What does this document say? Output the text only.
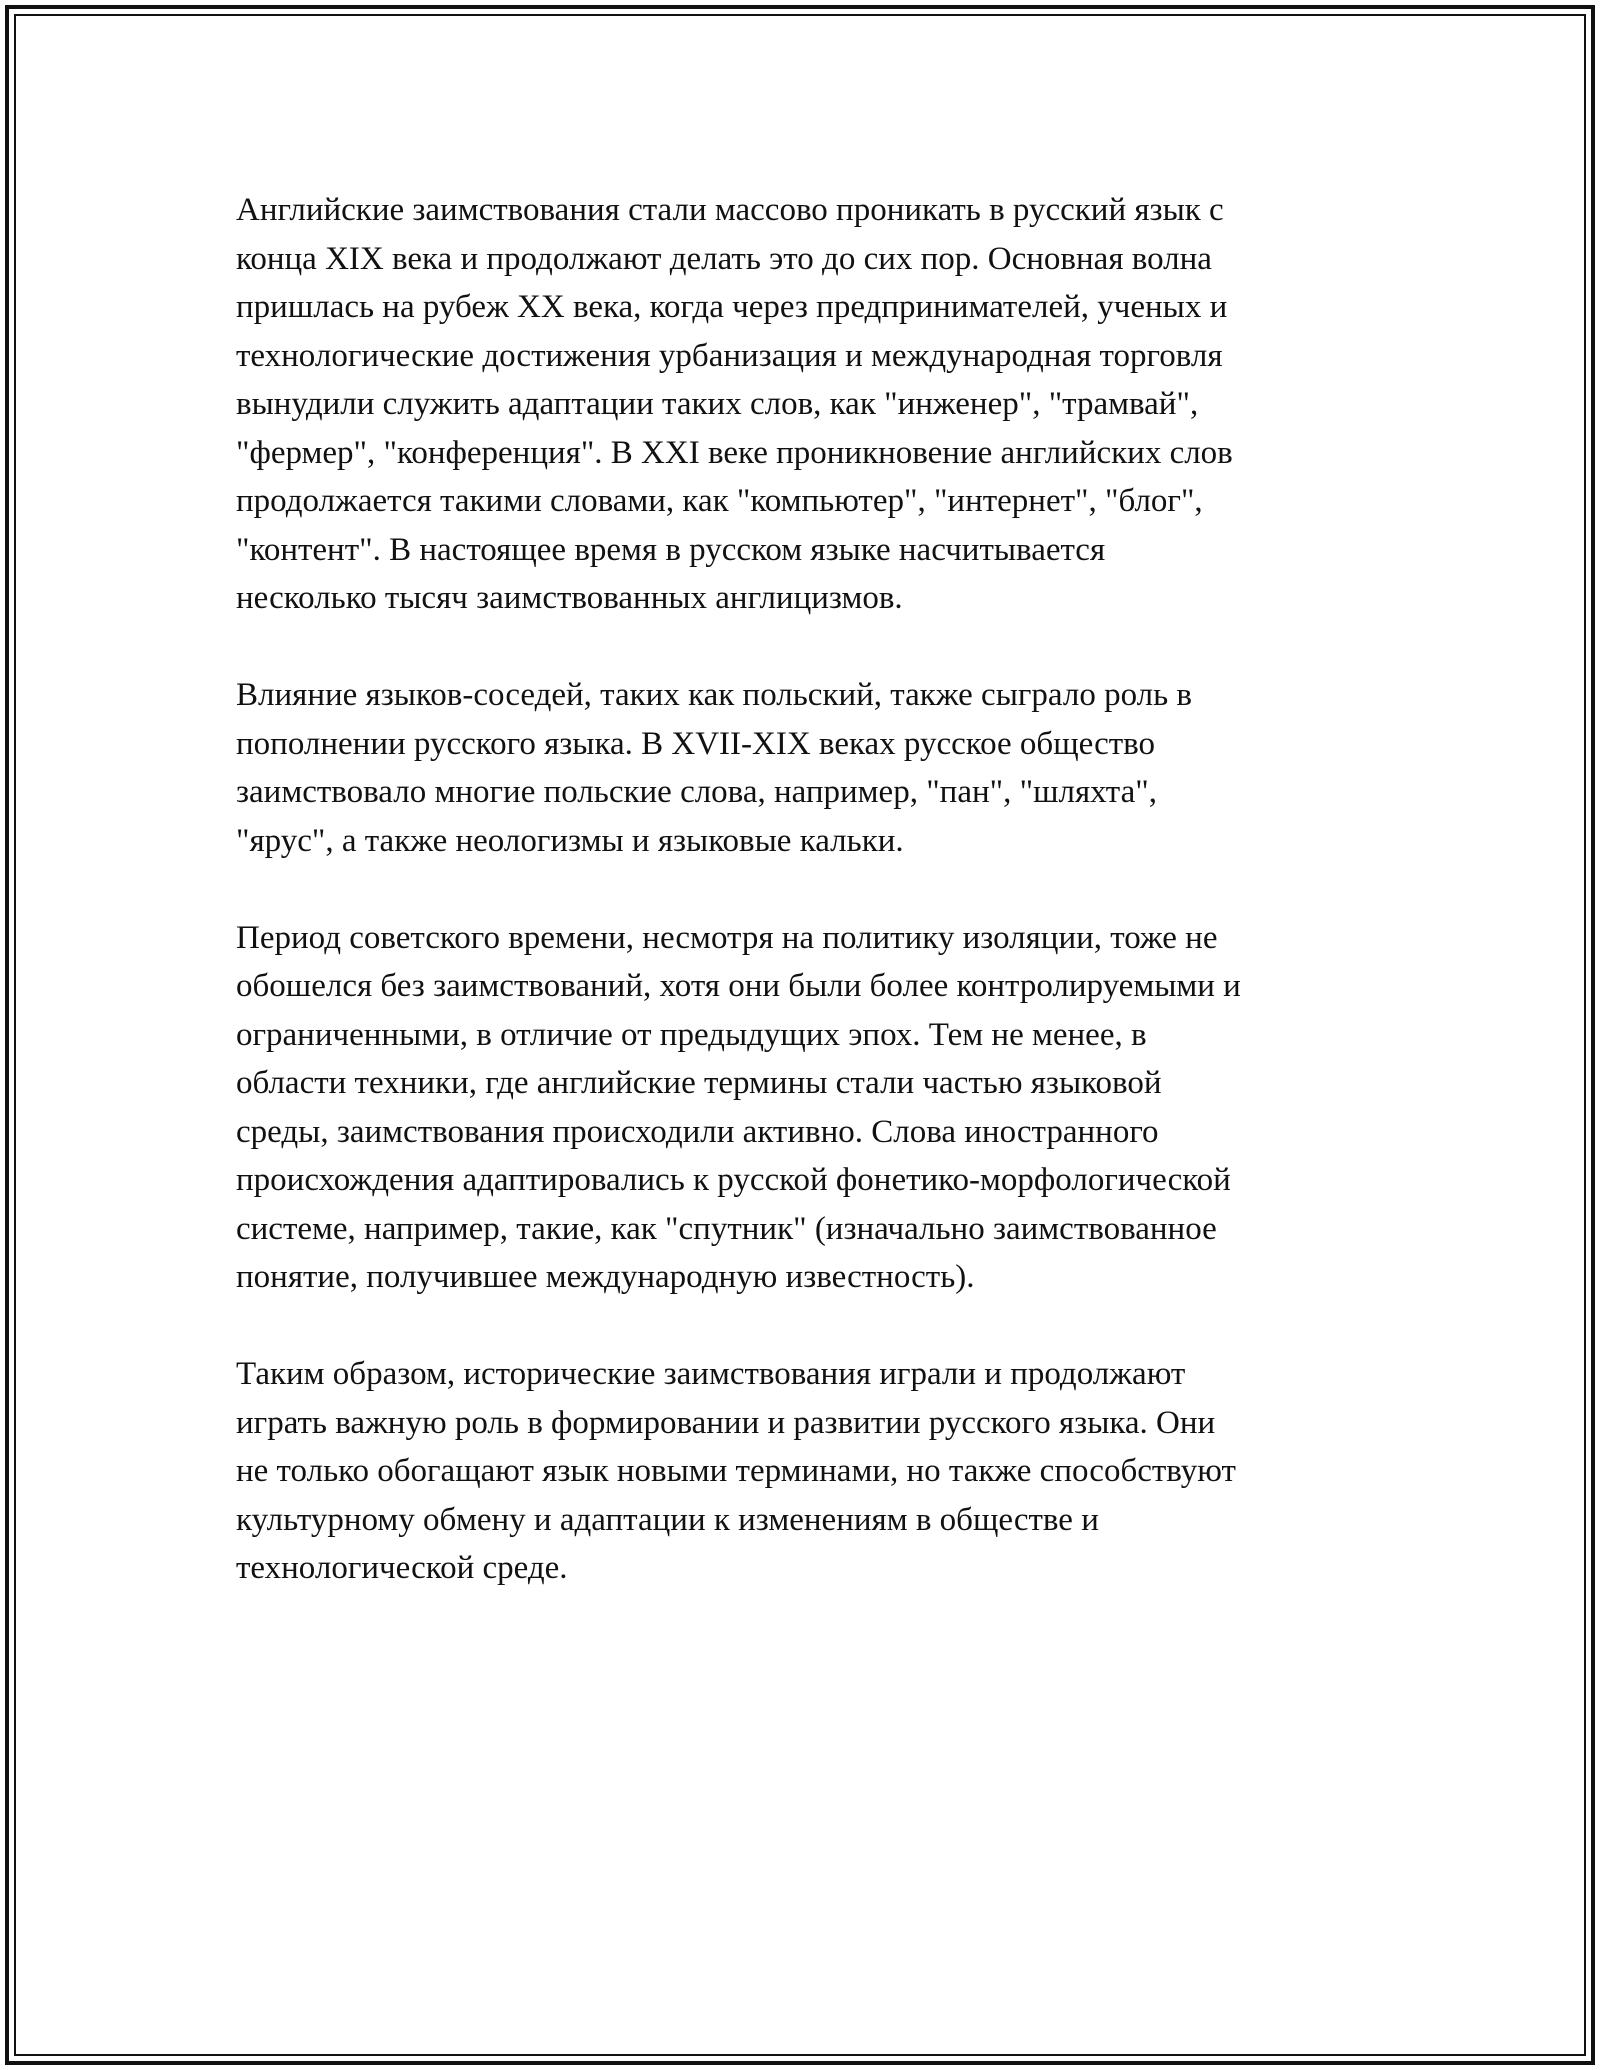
Английские заимствования стали массово проникать в русский язык с
конца XIX века и продолжают делать это до сих пор. Основная волна
пришлась на рубеж XX века, когда через предпринимателей, ученых и
технологические достижения урбанизация и международная торговля
вынудили служить адаптации таких слов, как "инженер", "трамвай",
"фермер", "конференция". В XXI веке проникновение английских слов
продолжается такими словами, как "компьютер", "интернет", "блог",
"контент". В настоящее время в русском языке насчитывается
несколько тысяч заимствованных англицизмов.

Влияние языков-соседей, таких как польский, также сыграло роль в
пополнении русского языка. В XVII-XIX веках русское общество
заимствовало многие польские слова, например, "пан", "шляхта",
"ярус", а также неологизмы и языковые кальки.

Период советского времени, несмотря на политику изоляции, тоже не
обошелся без заимствований, хотя они были более контролируемыми и
ограниченными, в отличие от предыдущих эпох. Тем не менее, в
области техники, где английские термины стали частью языковой
среды, заимствования происходили активно. Слова иностранного
происхождения адаптировались к русской фонетико-морфологической
системе, например, такие, как "спутник" (изначально заимствованное
понятие, получившее международную известность).

Таким образом, исторические заимствования играли и продолжают
играть важную роль в формировании и развитии русского языка. Они
не только обогащают язык новыми терминами, но также способствуют
культурному обмену и адаптации к изменениям в обществе и
технологической среде.
